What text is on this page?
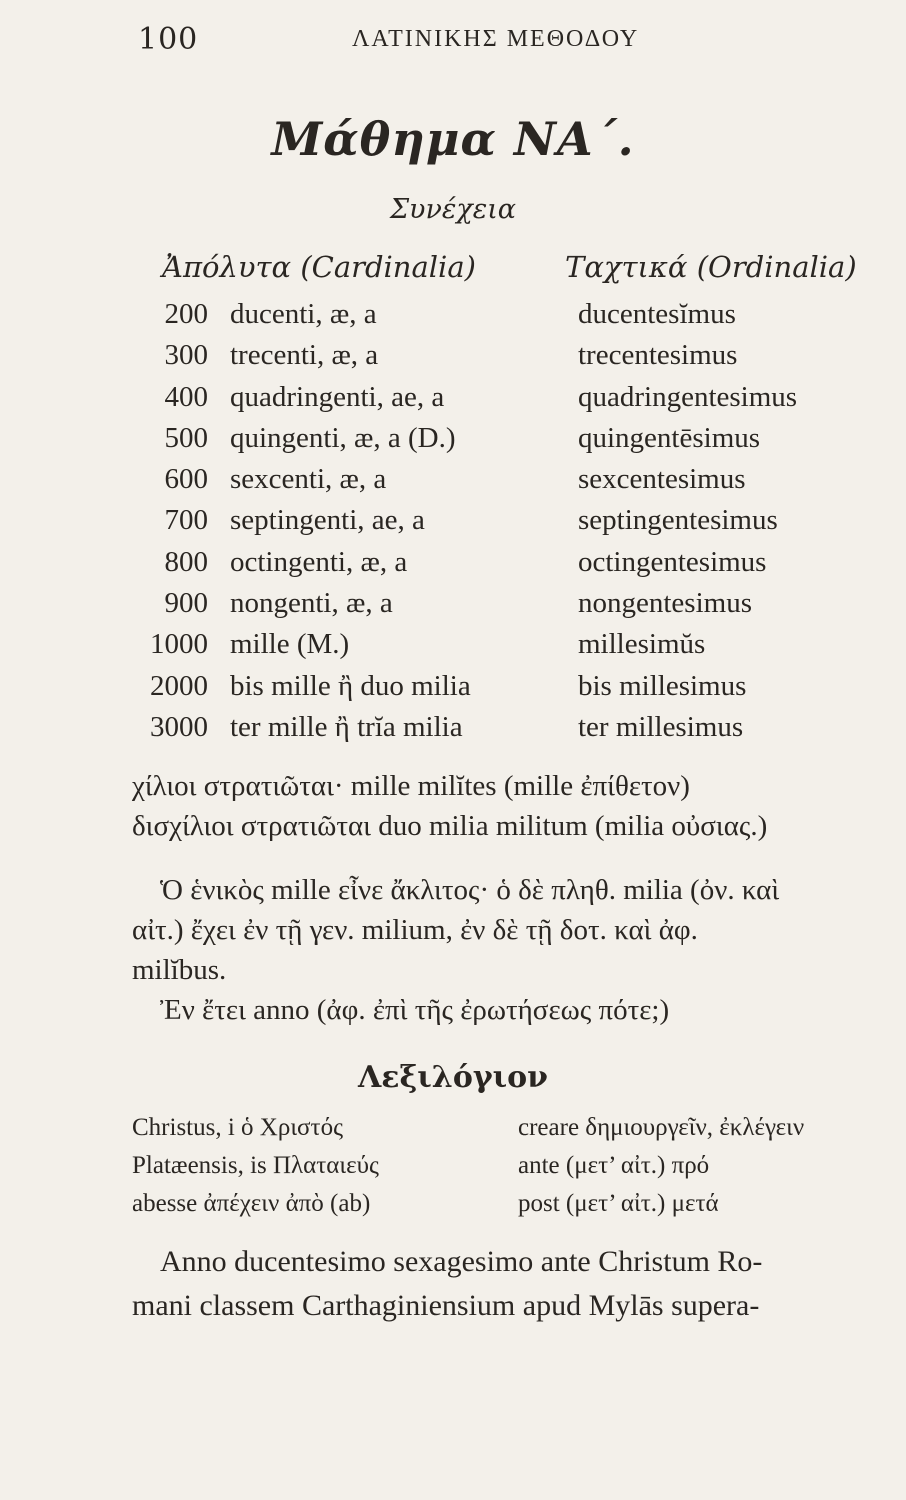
100	ΛΑΤΙΝΙΚΗΣ ΜΕΘΟΔΟΥ
Μάθημα ΝΑ΄.
Συνέχεια
Ἀπόλυτα (Cardinalia)	Ταχτικά (Ordinalia)
200 ducenti, æ, a	ducentesĭmus
300 trecenti, æ, a	trecentesimus
400 quadringenti, ae, a	quadringentesimus
500 quingenti, æ, a (D.)	quingentēsimus
600 sexcenti, æ, a	sexcentesimus
700 septingenti, ae, a	septingentesimus
800 octingenti, æ, a	octingentesimus
900 nongenti, æ, a	nongentesimus
1000 mille (M.)	millesimŭs
2000 bis mille ἢ duo milia	bis millesimus
3000 ter mille ἢ trĭa milia	ter millesimus
χίλιοι στρατιῶται· mille milĭtes (mille ἐπίθετον)
δισχίλιοι στρατιῶται duo milia militum (milia οὐσιας.)
Ὁ ἑνικὸς mille εἶνε ἄκλιτος· ὁ δὲ πληθ. milia (ὀν. καὶ
αἰτ.) ἔχει ἐν τῇ γεν. milium, ἐν δὲ τῇ δοτ. καὶ ἀφ.
milĭbus.
Ἐν ἔτει anno (ἀφ. ἐπὶ τῆς ἐρωτήσεως πότε;)
Λεξιλόγιον
Christus, i ὁ Χριστός	creare δημιουργεῖν, ἐκλέγειν
Platæensis, is Πλαταιεύς	ante (μετ’ αἰτ.) πρό
abesse ἀπέχειν ἀπὸ (ab)	post (μετ’ αἰτ.) μετά
Anno ducentesimo sexagesimo ante Christum Ro-
mani classem Carthaginiensium apud Mylās supera-
